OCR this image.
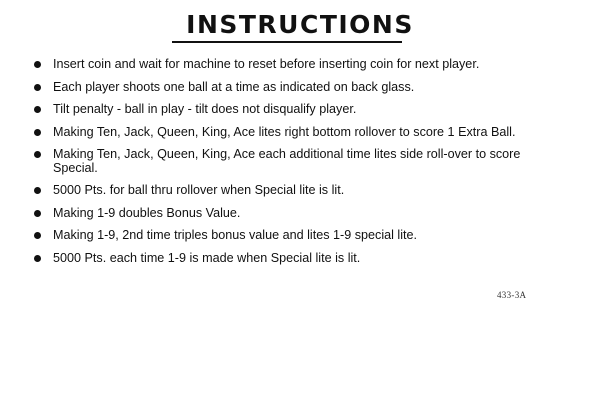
INSTRUCTIONS
Insert coin and wait for machine to reset before inserting coin for next player.
Each player shoots one ball at a time as indicated on back glass.
Tilt penalty - ball in play - tilt does not disqualify player.
Making Ten, Jack, Queen, King, Ace lites right bottom rollover to score 1 Extra Ball.
Making Ten, Jack, Queen, King, Ace each additional time lites side roll-over to score Special.
5000 Pts. for ball thru rollover when Special lite is lit.
Making 1-9 doubles Bonus Value.
Making 1-9, 2nd time triples bonus value and lites 1-9 special lite.
5000 Pts. each time 1-9 is made when Special lite is lit.
433-3A
